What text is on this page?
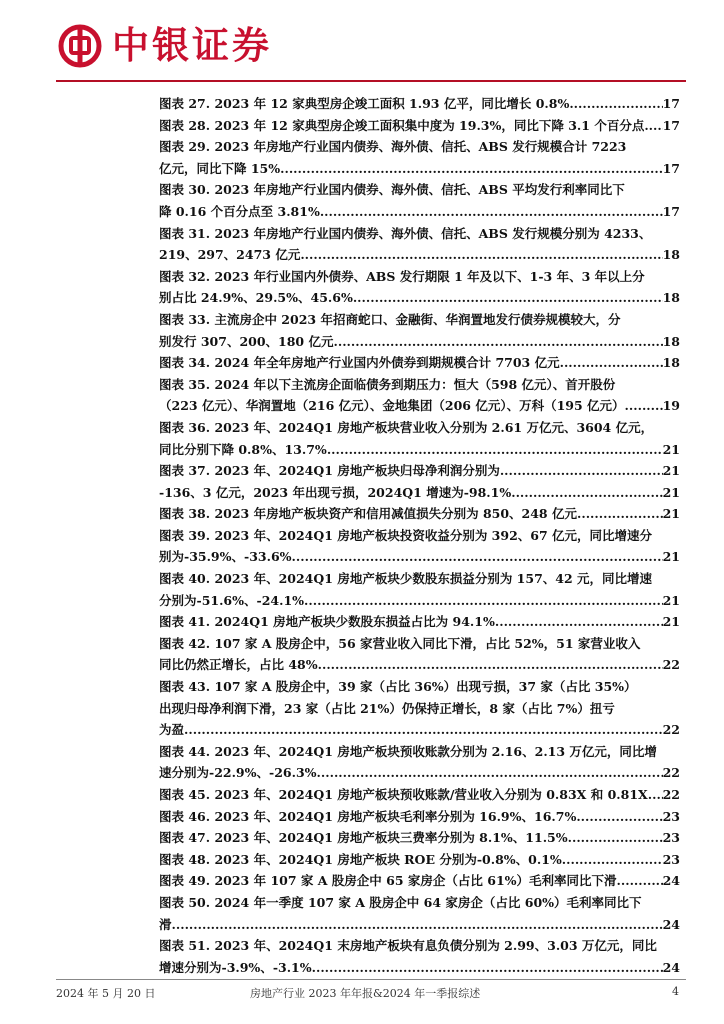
中银证券
图表 27. 2023 年 12 家典型房企竣工面积 1.93 亿平，同比增长 0.8% .....	17
图表 28. 2023 年 12 家典型房企竣工面积集中度为 19.3%，同比下降 3.1 个百分点 ..... 17
图表 29. 2023 年房地产行业国内债券、海外债、信托、ABS 发行规模合计 7223
亿元，同比下降 15% .....	17
图表 30. 2023 年房地产行业国内债券、海外债、信托、ABS 平均发行利率同比下
降 0.16 个百分点至 3.81% .....	17
图表 31. 2023 年房地产行业国内债券、海外债、信托、ABS 发行规模分别为 4233、
219、297、2473 亿元 .....	18
图表 32. 2023 年行业国内外债券、ABS 发行期限 1 年及以下、1-3 年、3 年以上分
别占比 24.9%、29.5%、45.6% .....	18
图表 33. 主流房企中 2023 年招商蛇口、金融街、华润置地发行债券规模较大，分
别发行 307、200、180 亿元 .....	18
图表 34. 2024 年全年房地产行业国内外债券到期规模合计 7703 亿元 .....	18
图表 35. 2024 年以下主流房企面临债务到期压力：恒大（598 亿元）、首开股份
（223 亿元）、华润置地（216 亿元）、金地集团（206 亿元）、万科（195 亿元） .....	19
图表 36. 2023 年、2024Q1 房地产板块营业收入分别为 2.61 万亿元、3604 亿元，
同比分别下降 0.8%、13.7% .....	21
图表 37. 2023 年、2024Q1 房地产板块归母净利润分别为 .....	21
-136、3 亿元，2023 年出现亏损，2024Q1 增速为-98.1% .....	21
图表 38. 2023 年房地产板块资产和信用减值损失分别为 850、248 亿元 .....	21
图表 39. 2023 年、2024Q1 房地产板块投资收益分别为 392、67 亿元，同比增速分
别为-35.9%、-33.6% .....	21
图表 40. 2023 年、2024Q1 房地产板块少数股东损益分别为 157、42 元，同比增速
分别为-51.6%、-24.1% .....	21
图表 41. 2024Q1 房地产板块少数股东损益占比为 94.1% .....	21
图表 42. 107 家 A 股房企中，56 家营业收入同比下滑，占比 52%，51 家营业收入
同比仍然正增长，占比 48% .....	22
图表 43. 107 家 A 股房企中，39 家（占比 36%）出现亏损，37 家（占比 35%）
出现归母净利润下滑，23 家（占比 21%）仍保持正增长，8 家（占比 7%）扭亏
为盈 .....	22
图表 44. 2023 年、2024Q1 房地产板块预收账款分别为 2.16、2.13 万亿元，同比增
速分别为-22.9%、-26.3% .....	22
图表 45. 2023 年、2024Q1 房地产板块预收账款/营业收入分别为 0.83X 和 0.81X ..... 22
图表 46. 2023 年、2024Q1 房地产板块毛利率分别为 16.9%、16.7% .....	23
图表 47. 2023 年、2024Q1 房地产板块三费率分别为 8.1%、11.5% .....	23
图表 48. 2023 年、2024Q1 房地产板块 ROE 分别为-0.8%、0.1% .....	23
图表 49. 2023 年 107 家 A 股房企中 65 家房企（占比 61%）毛利率同比下滑 .....	24
图表 50. 2024 年一季度 107 家 A 股房企中 64 家房企（占比 60%）毛利率同比下
滑 .....	24
图表 51. 2023 年、2024Q1 末房地产板块有息负债分别为 2.99、3.03 万亿元，同比
增速分别为-3.9%、-3.1% .....	24
2024 年 5 月 20 日	房地产行业 2023 年年报&2024 年一季报综述	4
